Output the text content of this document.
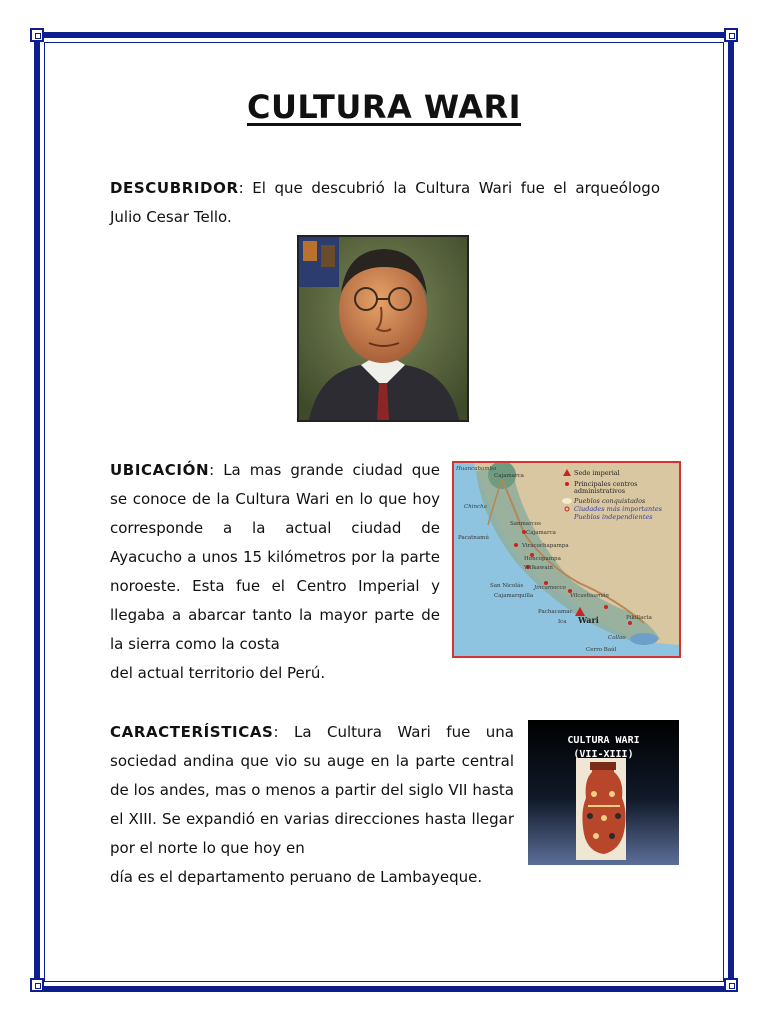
CULTURA WARI
DESCUBRIDOR: El que descubrió la Cultura Wari fue el arqueólogo Julio Cesar Tello.
UBICACIÓN: La mas grande ciudad que se conoce de la Cultura Wari en lo que hoy corresponde a la actual ciudad de Ayacucho a unos 15 kilómetros por la parte noroeste. Esta fue el Centro Imperial y llegaba a abarcar tanto la mayor parte de la sierra como la costa
del actual territorio del Perú.
Sede imperial
Principales centros
administrativos
Pueblos conquistados
Ciudades más importantes
Pueblos independientes
Huancabamba
Cajamarca
Chincha
Sanmarcos
Cajamarca
Pacatnamú
Viracochapampa
Honcopampa
Wilkawain
San Nicolás
Cajamarquilla
Jincamocco
Vilcashuamán
Pachacamac
Ica
Pikillacta
Collao
Cerro Baúl
Wari
CARACTERÍSTICAS: La Cultura Wari fue una sociedad andina que vio su auge en la parte central de los andes, mas o menos a partir del siglo VII hasta el XIII. Se expandió en varias direcciones hasta llegar por el norte lo que hoy en
día es el departamento peruano de Lambayeque.
CULTURA WARI
(VII-XIII)
